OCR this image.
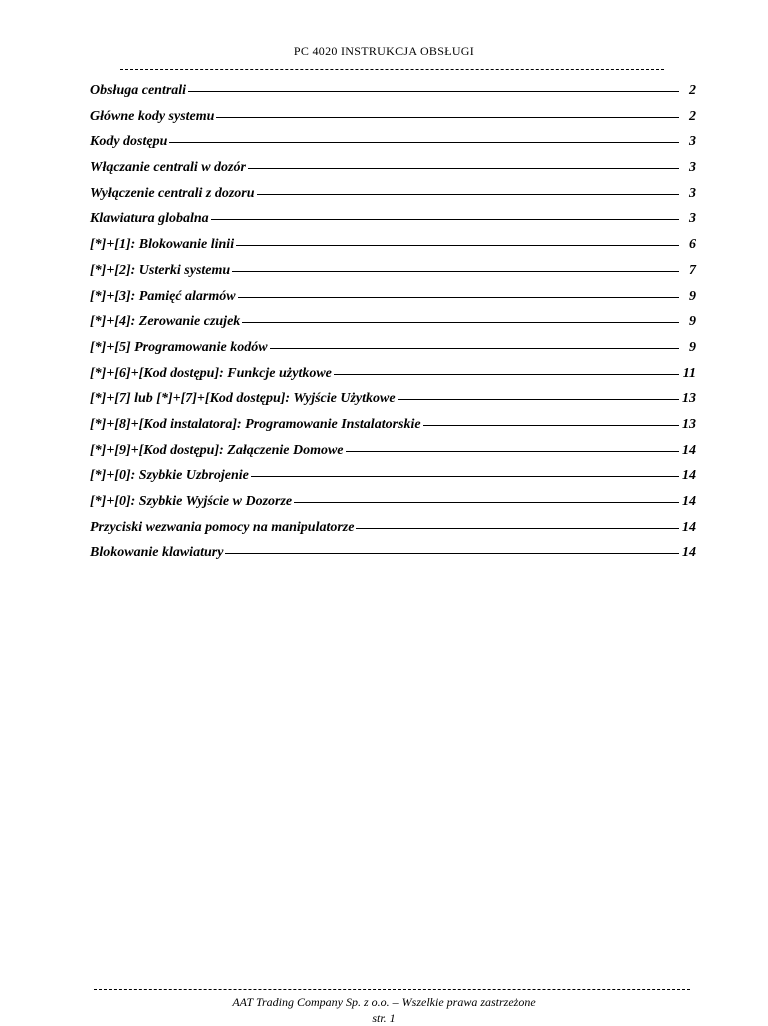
PC 4020 INSTRUKCJA OBSŁUGI
Obsługa centrali	2
Główne kody systemu	2
Kody dostępu	3
Włączanie centrali w dozór	3
Wyłączenie centrali z dozoru	3
Klawiatura globalna	3
[*]+[1]: Blokowanie linii	6
[*]+[2]: Usterki systemu	7
[*]+[3]: Pamięć alarmów	9
[*]+[4]: Zerowanie czujek	9
[*]+[5] Programowanie kodów	9
[*]+[6]+[Kod dostępu]: Funkcje użytkowe	11
[*]+[7] lub [*]+[7]+[Kod dostępu]: Wyjście Użytkowe	13
[*]+[8]+[Kod instalatora]: Programowanie Instalatorskie	13
[*]+[9]+[Kod dostępu]: Załączenie Domowe	14
[*]+[0]: Szybkie Uzbrojenie	14
[*]+[0]: Szybkie Wyjście w Dozorze	14
Przyciski wezwania pomocy na manipulatorze	14
Blokowanie klawiatury	14
AAT Trading Company Sp. z o.o. – Wszelkie prawa zastrzeżone
str. 1
